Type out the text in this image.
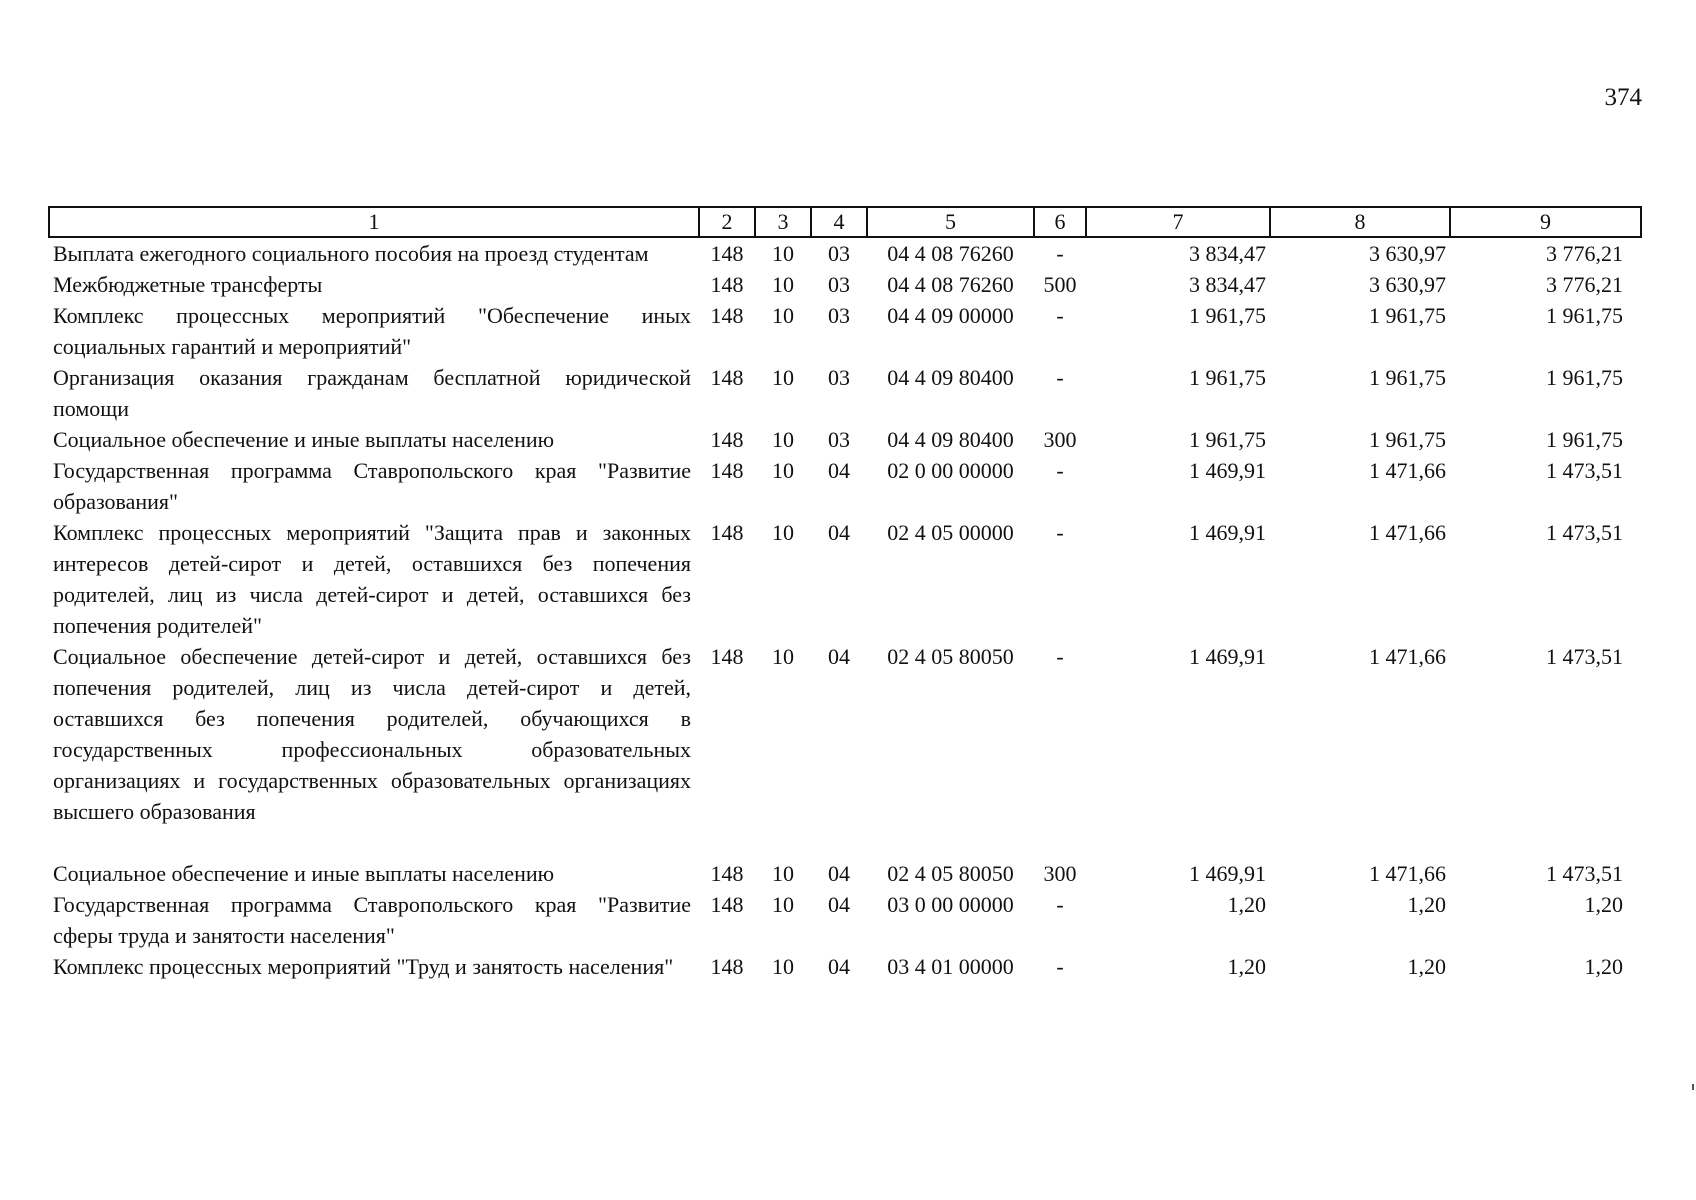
374
1	2	3	4	5	6	7	8	9
Выплата ежегодного социального пособия на проезд студентам	148	10	03	04 4 08 76260	-	3 834,47	3 630,97	3 776,21
Межбюджетные трансферты	148	10	03	04 4 08 76260	500	3 834,47	3 630,97	3 776,21
Комплекс процессных мероприятий "Обеспечение иных социальных гарантий и мероприятий"	148	10	03	04 4 09 00000	-	1 961,75	1 961,75	1 961,75
Организация оказания гражданам бесплатной юридической помощи	148	10	03	04 4 09 80400	-	1 961,75	1 961,75	1 961,75
Социальное обеспечение и иные выплаты населению	148	10	03	04 4 09 80400	300	1 961,75	1 961,75	1 961,75
Государственная программа Ставропольского края "Развитие образования"	148	10	04	02 0 00 00000	-	1 469,91	1 471,66	1 473,51
Комплекс процессных мероприятий "Защита прав и законных интересов детей-сирот и детей, оставшихся без попечения родителей, лиц из числа детей-сирот и детей, оставшихся без попечения родителей"	148	10	04	02 4 05 00000	-	1 469,91	1 471,66	1 473,51
Социальное обеспечение детей-сирот и детей, оставшихся без попечения родителей, лиц из числа детей-сирот и детей, оставшихся без попечения родителей, обучающихся в государственных профессиональных образовательных организациях и государственных образовательных организациях высшего образования	148	10	04	02 4 05 80050	-	1 469,91	1 471,66	1 473,51

Социальное обеспечение и иные выплаты населению	148	10	04	02 4 05 80050	300	1 469,91	1 471,66	1 473,51
Государственная программа Ставропольского края "Развитие сферы труда и занятости населения"	148	10	04	03 0 00 00000	-	1,20	1,20	1,20
Комплекс процессных мероприятий "Труд и занятость населения"	148	10	04	03 4 01 00000	-	1,20	1,20	1,20
